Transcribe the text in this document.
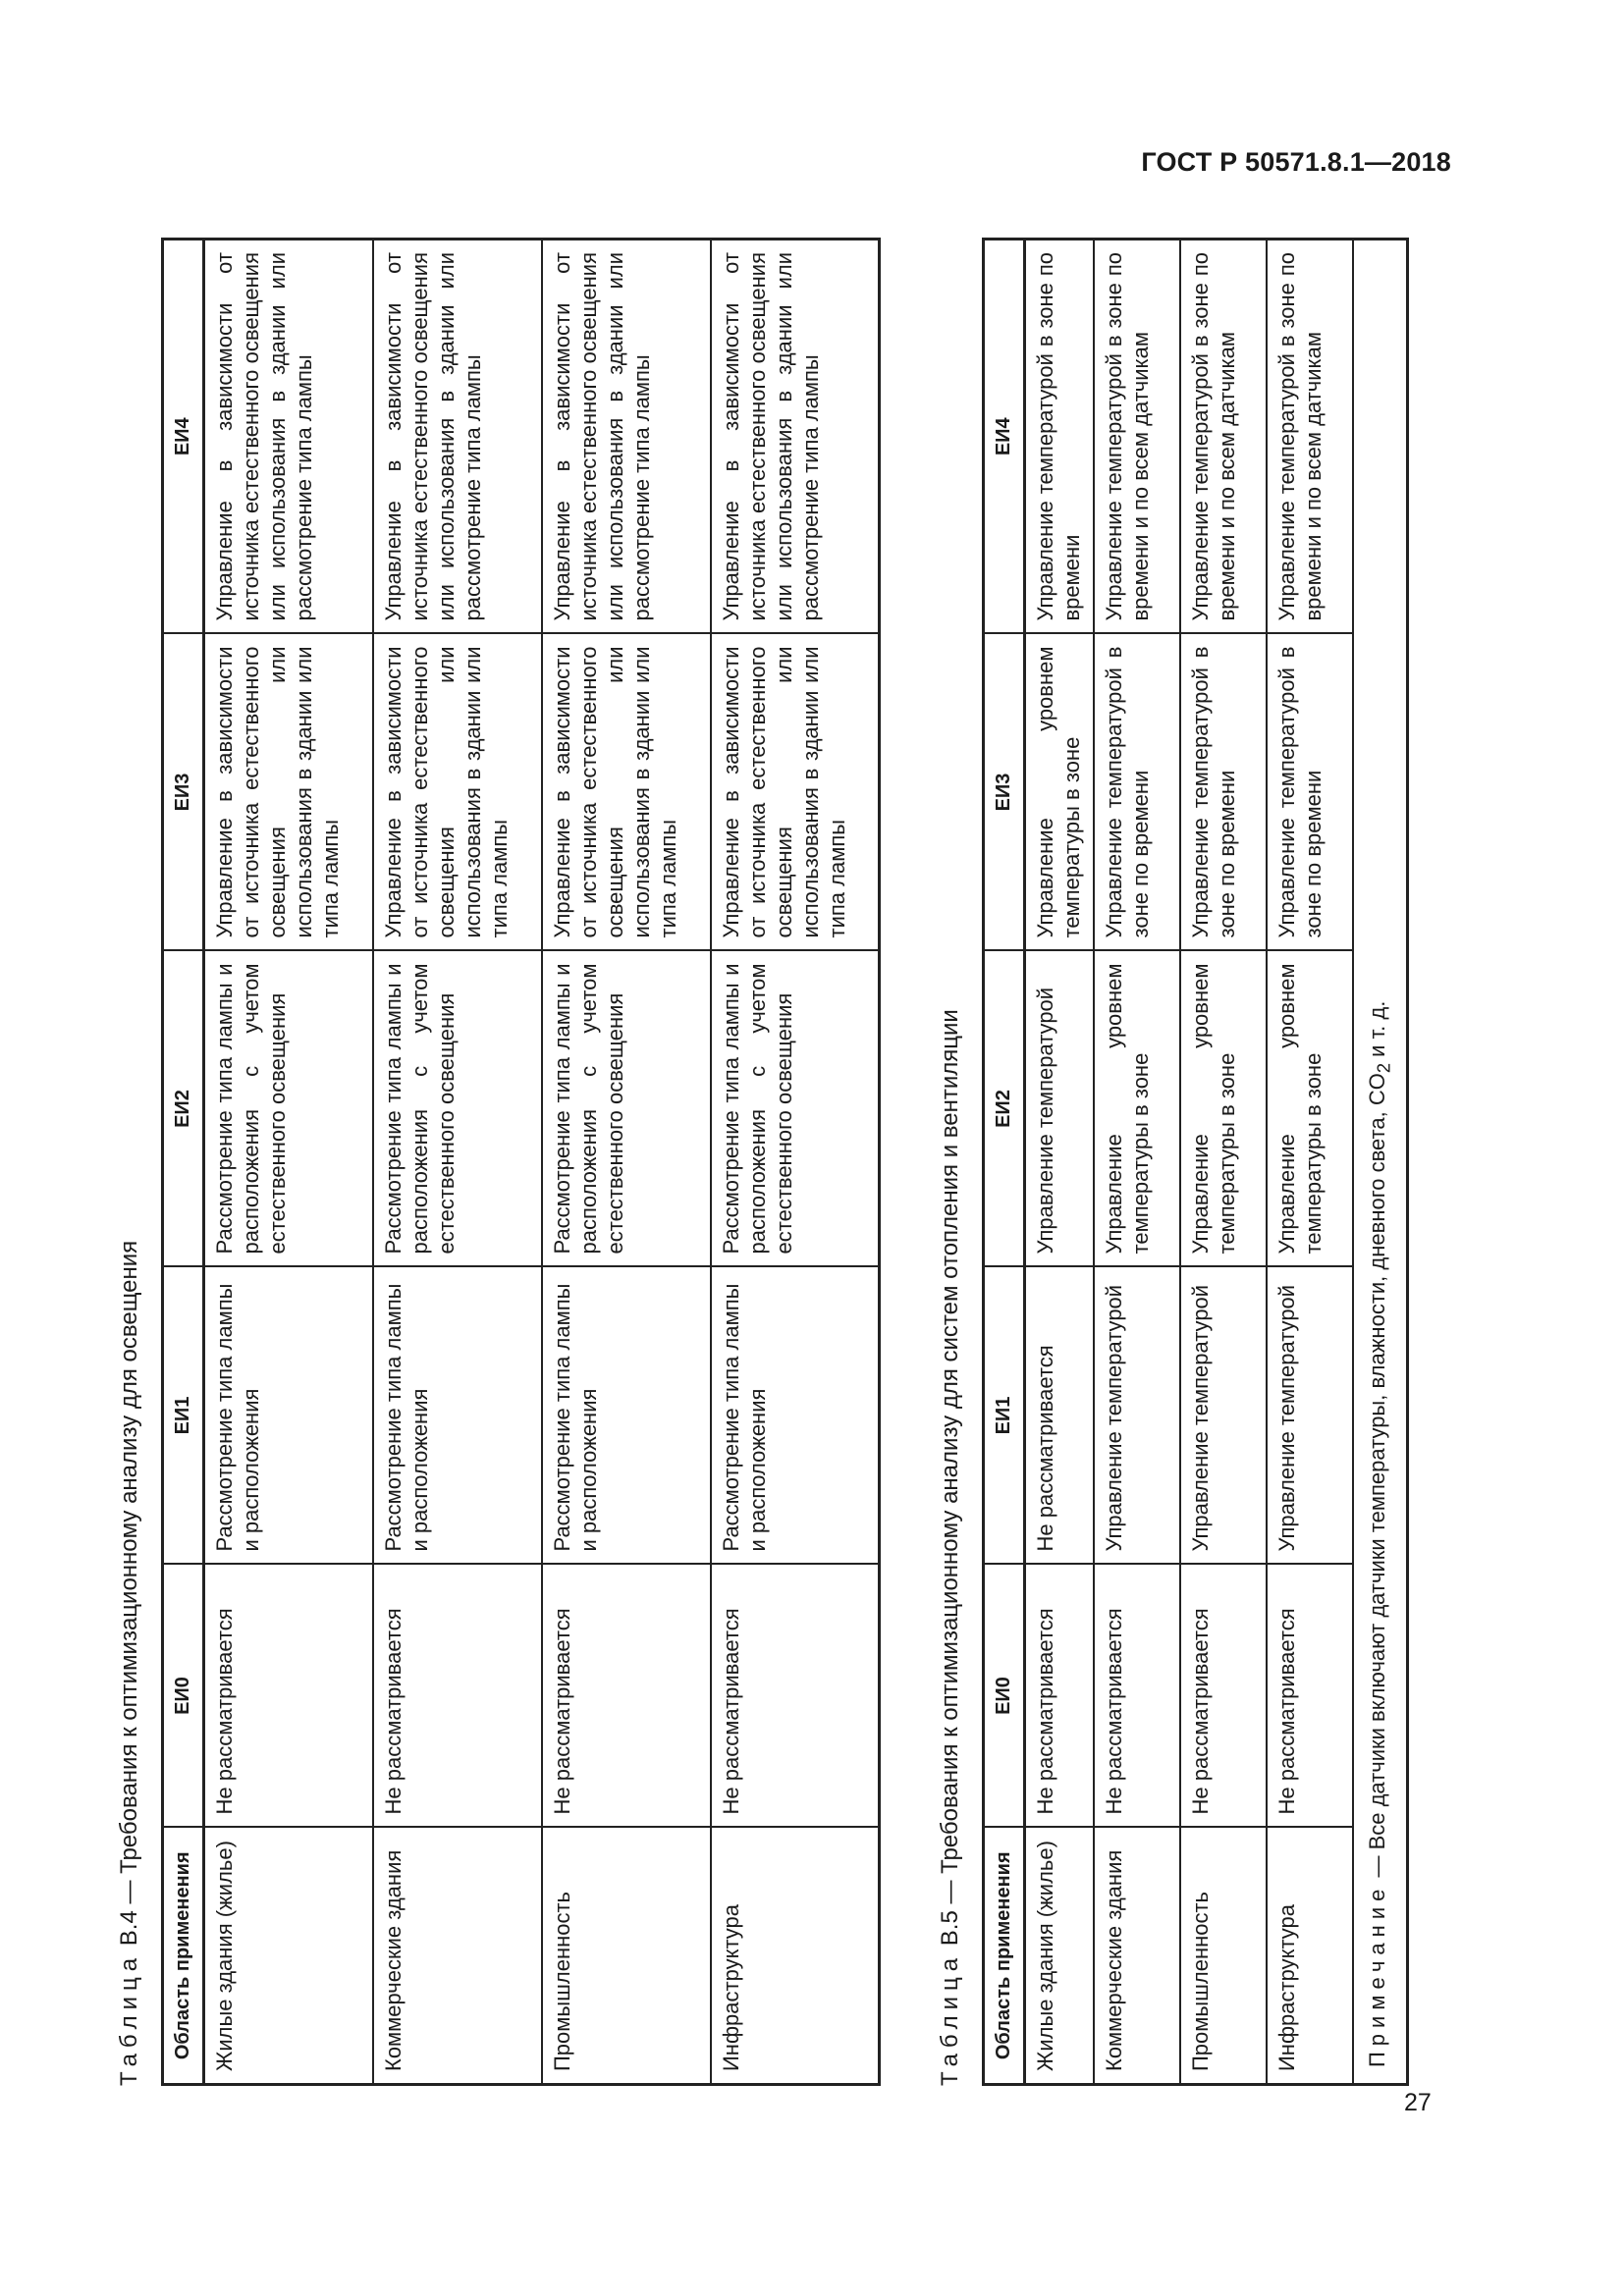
ГОСТ Р 50571.8.1—2018
Таблица В.4 — Требования к оптимизационному анализу для освещения
Область применения	ЕИ0	ЕИ1	ЕИ2	ЕИ3	ЕИ4
Жилые здания (жилье)	Не рассматривается	Рассмотрение типа лампы и расположения	Рассмотрение типа лампы и расположения с учетом естественного освещения	Управление в зависимости от источника естественного освещения или использования в здании или типа лампы	Управление в зависимости от источника естественного освещения или использования в здании или рассмотрение типа лампы
Коммерческие здания	Не рассматривается	Рассмотрение типа лампы и расположения	Рассмотрение типа лампы и расположения с учетом естественного освещения	Управление в зависимости от источника естественного освещения или использования в здании или типа лампы	Управление в зависимости от источника естественного освещения или использования в здании или рассмотрение типа лампы
Промышленность	Не рассматривается	Рассмотрение типа лампы и расположения	Рассмотрение типа лампы и расположения с учетом естественного освещения	Управление в зависимости от источника естественного освещения или использования в здании или типа лампы	Управление в зависимости от источника естественного освещения или использования в здании или рассмотрение типа лампы
Инфраструктура	Не рассматривается	Рассмотрение типа лампы и расположения	Рассмотрение типа лампы и расположения с учетом естественного освещения	Управление в зависимости от источника естественного освещения или использования в здании или типа лампы	Управление в зависимости от источника естественного освещения или использования в здании или рассмотрение типа лампы
Таблица В.5 — Требования к оптимизационному анализу для систем отопления и вентиляции
Область применения	ЕИ0	ЕИ1	ЕИ2	ЕИ3	ЕИ4
Жилые здания (жилье)	Не рассматривается	Не рассматривается	Управление температурой	Управление уровнем температуры в зоне	Управление температурой в зоне по времени
Коммерческие здания	Не рассматривается	Управление температурой	Управление уровнем температуры в зоне	Управление температурой в зоне по времени	Управление температурой в зоне по времени и по всем датчикам
Промышленность	Не рассматривается	Управление температурой	Управление уровнем температуры в зоне	Управление температурой в зоне по времени	Управление температурой в зоне по времени и по всем датчикам
Инфраструктура	Не рассматривается	Управление температурой	Управление уровнем температуры в зоне	Управление температурой в зоне по времени	Управление температурой в зоне по времени и по всем датчикам
Примечание — Все датчики включают датчики температуры, влажности, дневного света, $CO_2$ и т. д.					
27
